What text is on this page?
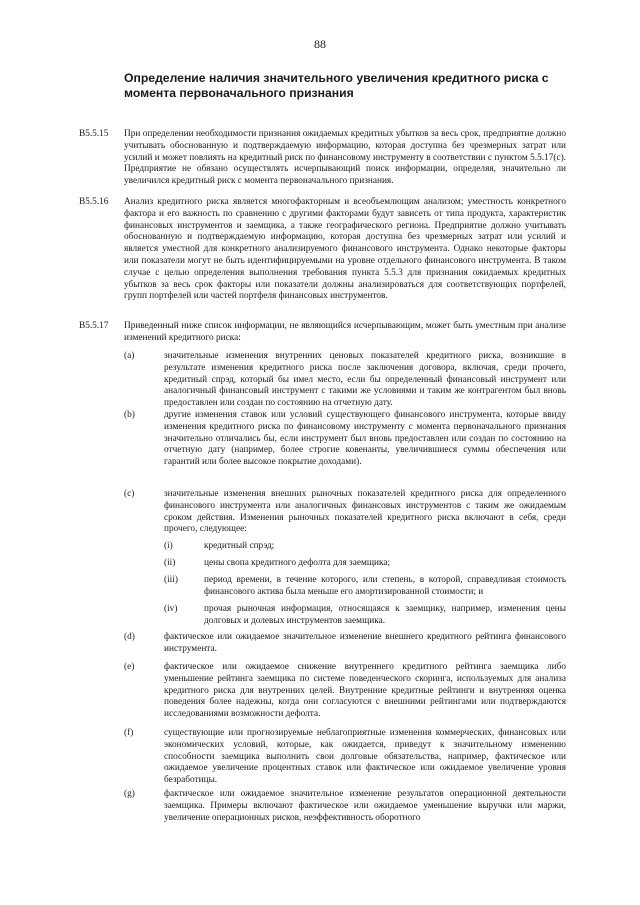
88
Определение наличия значительного увеличения кредитного риска с момента первоначального признания
B5.5.15	При определении необходимости признания ожидаемых кредитных убытков за весь срок, предприятие должно учитывать обоснованную и подтверждаемую информацию, которая доступна без чрезмерных затрат или усилий и может повлиять на кредитный риск по финансовому инструменту в соответствии с пунктом 5.5.17(с). Предприятие не обязано осуществлять исчерпывающий поиск информации, определяя, значительно ли увеличился кредитный риск с момента первоначального признания.
B5.5.16	Анализ кредитного риска является многофакторным и всеобъемлющим анализом; уместность конкретного фактора и его важность по сравнению с другими факторами будут зависеть от типа продукта, характеристик финансовых инструментов и заемщика, а также географического региона. Предприятие должно учитывать обоснованную и подтверждаемую информацию, которая доступна без чрезмерных затрат или усилий и является уместной для конкретного анализируемого финансового инструмента. Однако некоторые факторы или показатели могут не быть идентифицируемыми на уровне отдельного финансового инструмента. В таком случае с целью определения выполнения требования пункта 5.5.3 для признания ожидаемых кредитных убытков за весь срок факторы или показатели должны анализироваться для соответствующих портфелей, групп портфелей или частей портфеля финансовых инструментов.
B5.5.17	Приведенный ниже список информации, не являющийся исчерпывающим, может быть уместным при анализе изменений кредитного риска:
(a)	значительные изменения внутренних ценовых показателей кредитного риска, возникшие в результате изменения кредитного риска после заключения договора, включая, среди прочего, кредитный спрэд, который бы имел место, если бы определенный финансовый инструмент или аналогичный финансовый инструмент с такими же условиями и таким же контрагентом был вновь предоставлен или создан по состоянию на отчетную дату.
(b)	другие изменения ставок или условий существующего финансового инструмента, которые ввиду изменения кредитного риска по финансовому инструменту с момента первоначального признания значительно отличались бы, если инструмент был вновь предоставлен или создан по состоянию на отчетную дату (например, более строгие ковенанты, увеличившиеся суммы обеспечения или гарантий или более высокое покрытие доходами).
(c)	значительные изменения внешних рыночных показателей кредитного риска для определенного финансового инструмента или аналогичных финансовых инструментов с таким же ожидаемым сроком действия. Изменения рыночных показателей кредитного риска включают в себя, среди прочего, следующее:
(i)	кредитный спрэд;
(ii)	цены свопа кредитного дефолта для заемщика;
(iii)	период времени, в течение которого, или степень, в которой, справедливая стоимость финансового актива была меньше его амортизированной стоимости; и
(iv)	прочая рыночная информация, относящаяся к заемщику, например, изменения цены долговых и долевых инструментов заемщика.
(d)	фактическое или ожидаемое значительное изменение внешнего кредитного рейтинга финансового инструмента.
(e)	фактическое или ожидаемое снижение внутреннего кредитного рейтинга заемщика либо уменьшение рейтинга заемщика по системе поведенческого скоринга, используемых для анализа кредитного риска для внутренних целей. Внутренние кредитные рейтинги и внутренняя оценка поведения более надежны, когда они согласуются с внешними рейтингами или подтверждаются исследованиями возможности дефолта.
(f)	существующие или прогнозируемые неблагоприятные изменения коммерческих, финансовых или экономических условий, которые, как ожидается, приведут к значительному изменению способности заемщика выполнить свои долговые обязательства, например, фактическое или ожидаемое увеличение процентных ставок или фактическое или ожидаемое увеличение уровня безработицы.
(g)	фактическое или ожидаемое значительное изменение результатов операционной деятельности заемщика. Примеры включают фактическое или ожидаемое уменьшение выручки или маржи, увеличение операционных рисков, неэффективность оборотного
